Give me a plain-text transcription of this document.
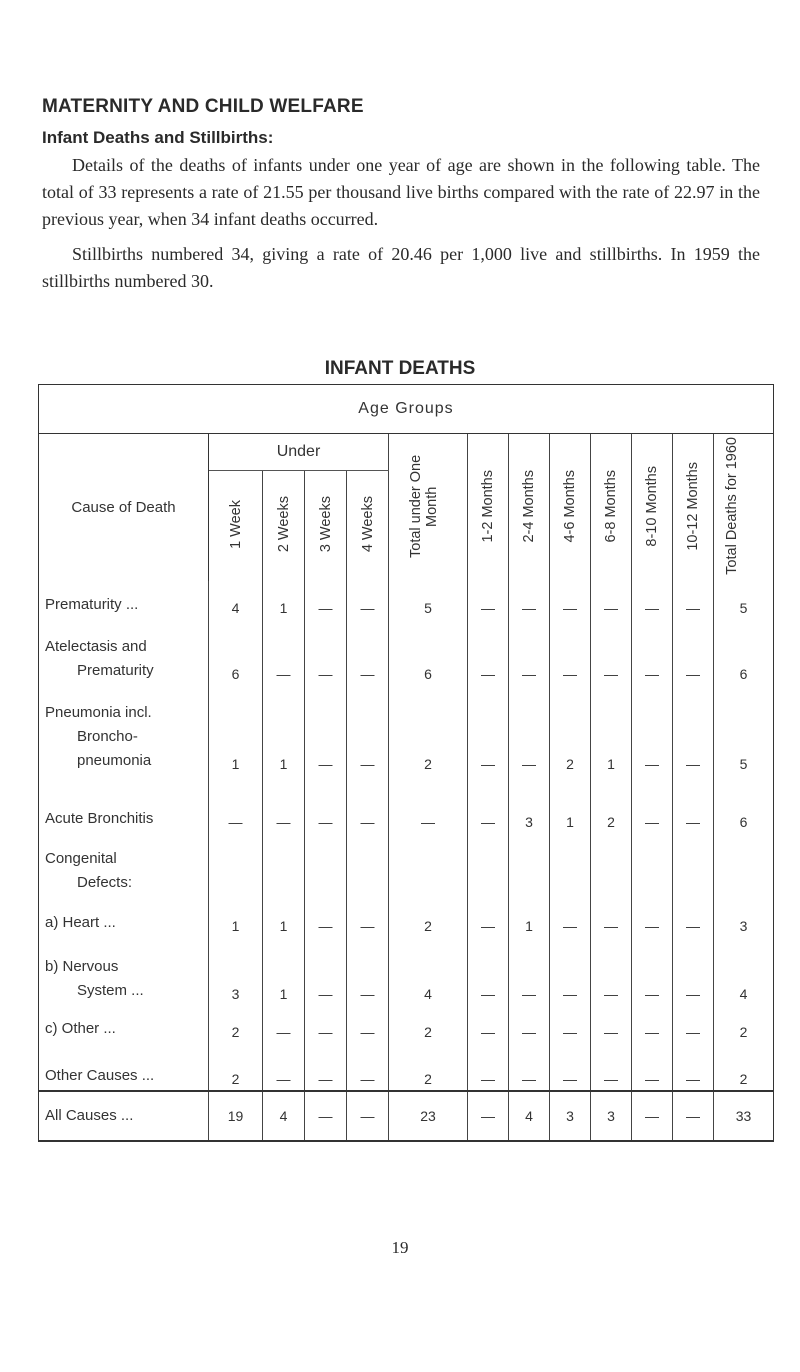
MATERNITY AND CHILD WELFARE
Infant Deaths and Stillbirths:

Details of the deaths of infants under one year of age are shown in the following table. The total of 33 represents a rate of 21.55 per thousand live births compared with the rate of 22.97 in the previous year, when 34 infant deaths occurred.

Stillbirths numbered 34, giving a rate of 20.46 per 1,000 live and stillbirths. In 1959 the stillbirths numbered 30.

INFANT DEATHS
Age Groups												
Cause of Death	Under				Total under One Month	1-2 Months	2-4 Months	4-6 Months	6-8 Months	8-10 Months	10-12 Months	Total Deaths for 1960
	1 Week	2 Weeks	3 Weeks	4 Weeks								

Prematurity ...	4	1	—	—	5	—	—	—	—	—	—	5

Atelectasis and
Prematurity	6	—	—	—	6	—	—	—	—	—	—	6

Pneumonia incl.
Broncho-
pneumonia	1	1	—	—	2	—	—	2	1	—	—	5

Acute Bronchitis	—	—	—	—	—	—	3	1	2	—	—	6

Congenital
Defects:												

a) Heart ...	1	1	—	—	2	—	1	—	—	—	—	3

b) Nervous
System ...	3	1	—	—	4	—	—	—	—	—	—	4

c) Other ...	2	—	—	—	2	—	—	—	—	—	—	2

Other Causes ...	2	—	—	—	2	—	—	—	—	—	—	2
All Causes ...	19	4	—	—	23	—	4	3	3	—	—	33
19
